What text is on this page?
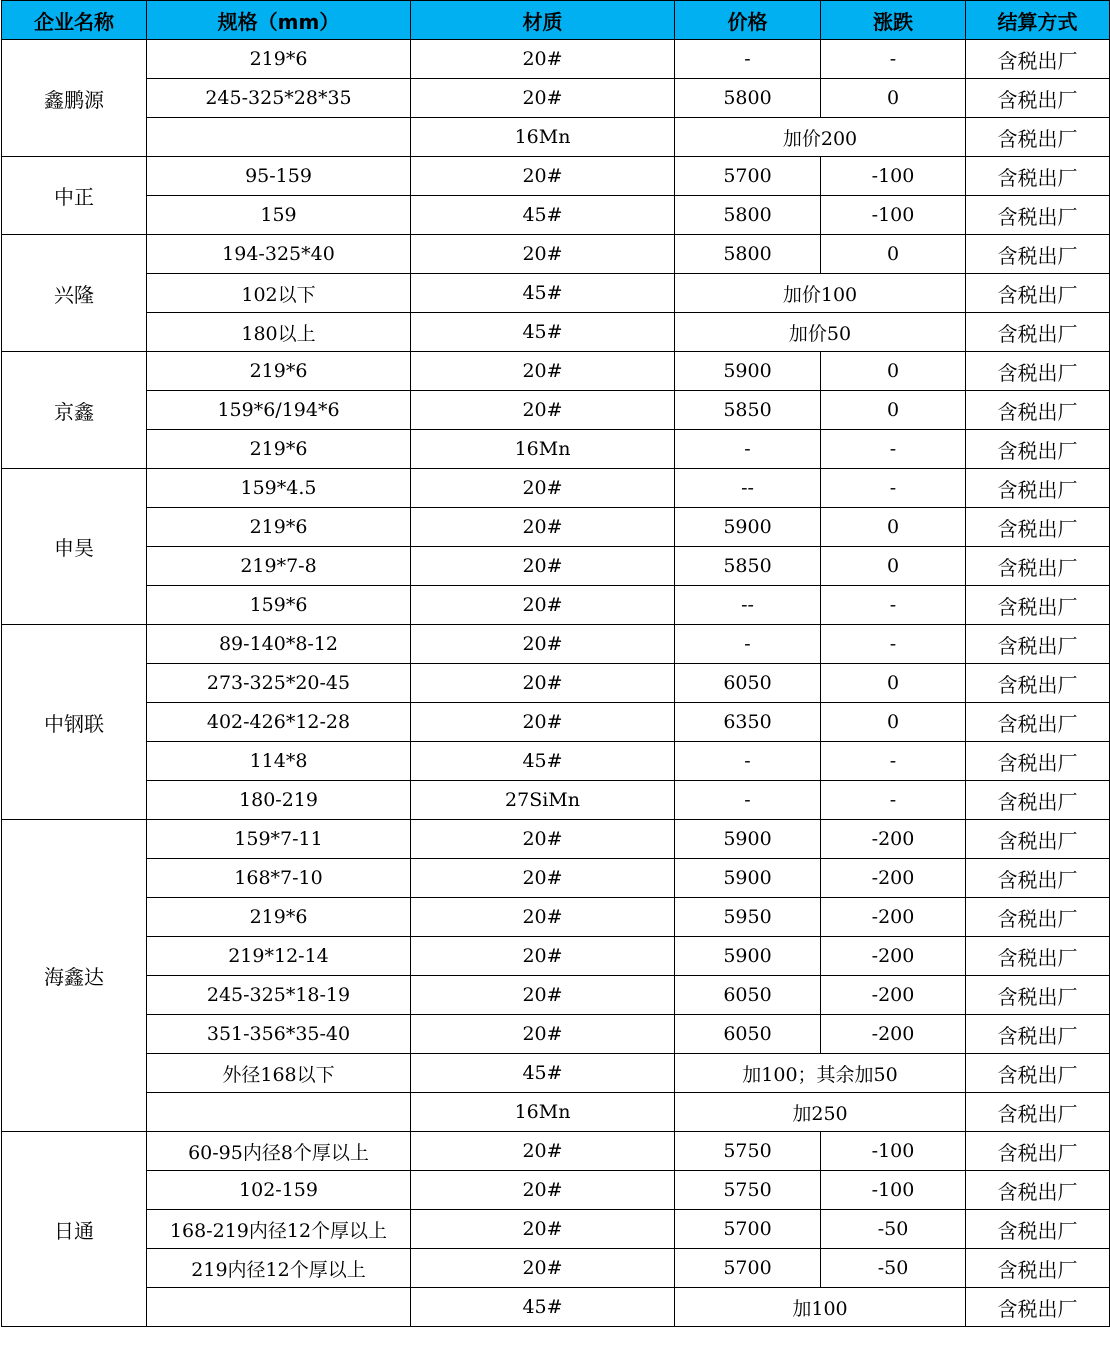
企业名称	规格（mm）	材质	价格	涨跌	结算方式
鑫鹏源	219*6	20#	-	-	含税出厂
	245-325*28*35	20#	5800	0	含税出厂
		16Mn	加价200		含税出厂
中正	95-159	20#	5700	-100	含税出厂
	159	45#	5800	-100	含税出厂
兴隆	194-325*40	20#	5800	0	含税出厂
	102以下	45#	加价100		含税出厂
	180以上	45#	加价50		含税出厂
京鑫	219*6	20#	5900	0	含税出厂
	159*6/194*6	20#	5850	0	含税出厂
	219*6	16Mn	-	-	含税出厂
申昊	159*4.5	20#	--	-	含税出厂
	219*6	20#	5900	0	含税出厂
	219*7-8	20#	5850	0	含税出厂
	159*6	20#	--	-	含税出厂
中钢联	89-140*8-12	20#	-	-	含税出厂
	273-325*20-45	20#	6050	0	含税出厂
	402-426*12-28	20#	6350	0	含税出厂
	114*8	45#	-	-	含税出厂
	180-219	27SiMn	-	-	含税出厂
海鑫达	159*7-11	20#	5900	-200	含税出厂
	168*7-10	20#	5900	-200	含税出厂
	219*6	20#	5950	-200	含税出厂
	219*12-14	20#	5900	-200	含税出厂
	245-325*18-19	20#	6050	-200	含税出厂
	351-356*35-40	20#	6050	-200	含税出厂
	外径168以下	45#	加100；其余加50		含税出厂
		16Mn	加250		含税出厂
日通	60-95内径8个厚以上	20#	5750	-100	含税出厂
	102-159	20#	5750	-100	含税出厂
	168-219内径12个厚以上	20#	5700	-50	含税出厂
	219内径12个厚以上	20#	5700	-50	含税出厂
		45#	加100		含税出厂
